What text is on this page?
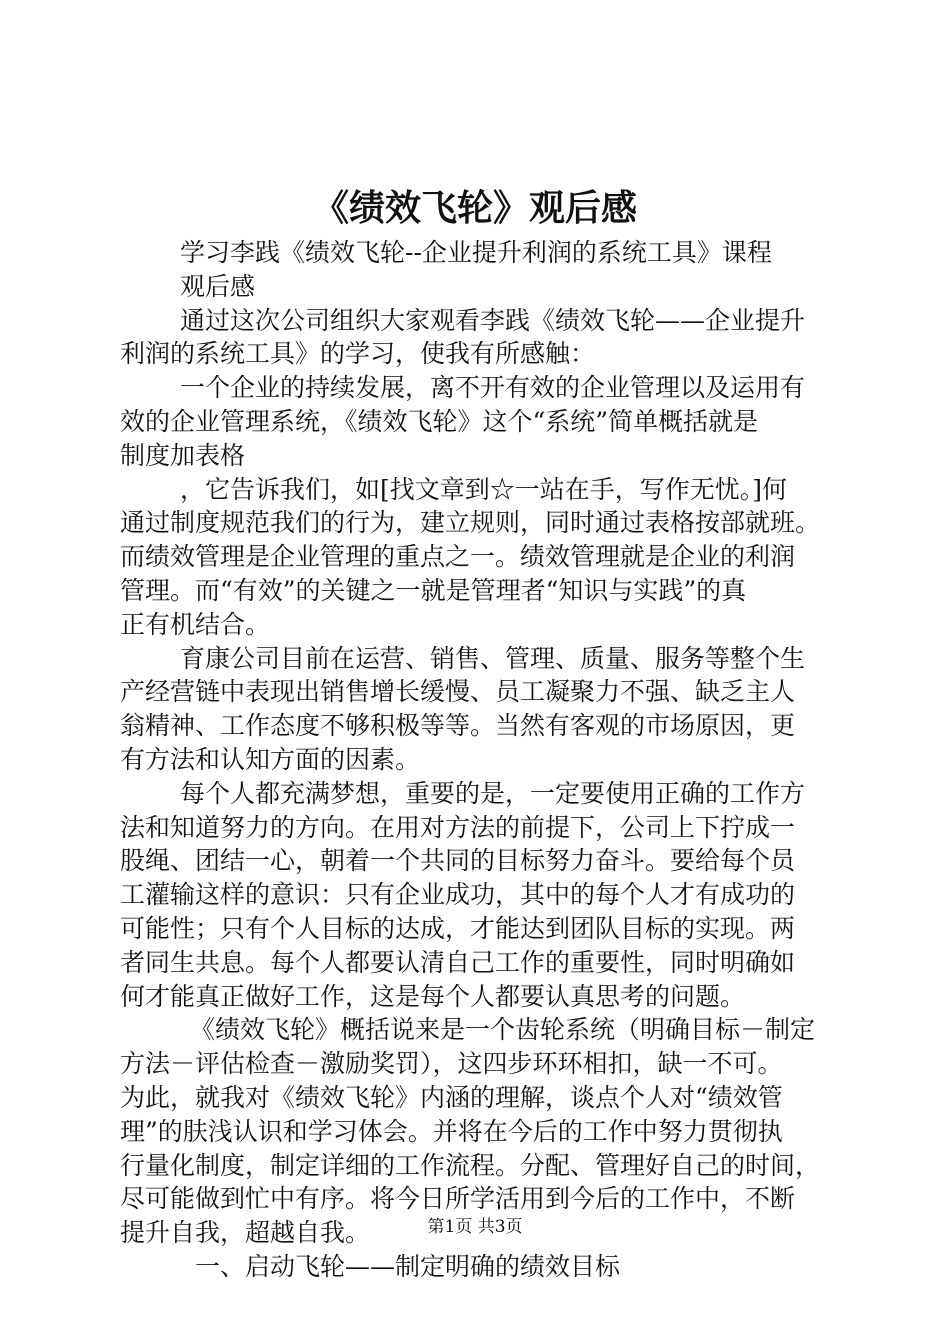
《绩效飞轮》观后感
学习李践《绩效飞轮--企业提升利润的系统工具》课程
观后感
通过这次公司组织大家观看李践《绩效飞轮——企业提升
利润的系统工具》的学习，使我有所感触：
一个企业的持续发展，离不开有效的企业管理以及运用有
效的企业管理系统，《绩效飞轮》这个“系统”简单概括就是
制度加表格
，它告诉我们，如[找文章到☆一站在手，写作无忧。]何
通过制度规范我们的行为，建立规则，同时通过表格按部就班。
而绩效管理是企业管理的重点之一。绩效管理就是企业的利润
管理。而“有效”的关键之一就是管理者“知识与实践”的真
正有机结合。
育康公司目前在运营、销售、管理、质量、服务等整个生
产经营链中表现出销售增长缓慢、员工凝聚力不强、缺乏主人
翁精神、工作态度不够积极等等。当然有客观的市场原因，更
有方法和认知方面的因素。
每个人都充满梦想，重要的是，一定要使用正确的工作方
法和知道努力的方向。在用对方法的前提下，公司上下拧成一
股绳、团结一心，朝着一个共同的目标努力奋斗。要给每个员
工灌输这样的意识：只有企业成功，其中的每个人才有成功的
可能性；只有个人目标的达成，才能达到团队目标的实现。两
者同生共息。每个人都要认清自己工作的重要性，同时明确如
何才能真正做好工作，这是每个人都要认真思考的问题。
《绩效飞轮》概括说来是一个齿轮系统（明确目标－制定
方法－评估检查－激励奖罚），这四步环环相扣，缺一不可。
为此，就我对《绩效飞轮》内涵的理解，谈点个人对“绩效管
理”的肤浅认识和学习体会。并将在今后的工作中努力贯彻执
行量化制度，制定详细的工作流程。分配、管理好自己的时间，
尽可能做到忙中有序。将今日所学活用到今后的工作中，不断
提升自我，超越自我。
一、启动飞轮——制定明确的绩效目标
第1页 共3页
